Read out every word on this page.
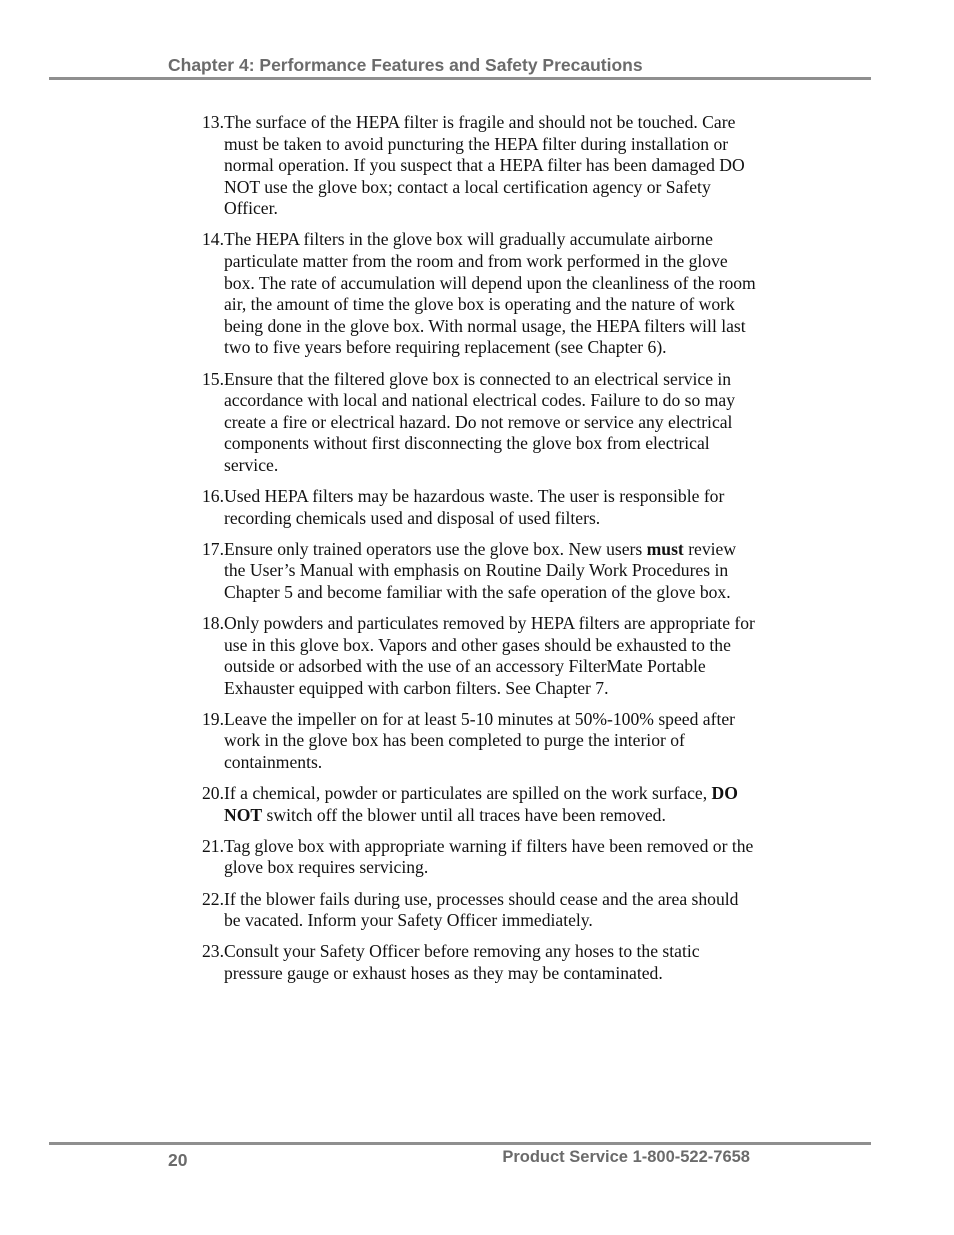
Chapter 4: Performance Features and Safety Precautions
13. The surface of the HEPA filter is fragile and should not be touched. Care must be taken to avoid puncturing the HEPA filter during installation or normal operation. If you suspect that a HEPA filter has been damaged DO NOT use the glove box; contact a local certification agency or Safety Officer.
14. The HEPA filters in the glove box will gradually accumulate airborne particulate matter from the room and from work performed in the glove box. The rate of accumulation will depend upon the cleanliness of the room air, the amount of time the glove box is operating and the nature of work being done in the glove box. With normal usage, the HEPA filters will last two to five years before requiring replacement (see Chapter 6).
15. Ensure that the filtered glove box is connected to an electrical service in accordance with local and national electrical codes. Failure to do so may create a fire or electrical hazard. Do not remove or service any electrical components without first disconnecting the glove box from electrical service.
16. Used HEPA filters may be hazardous waste. The user is responsible for recording chemicals used and disposal of used filters.
17. Ensure only trained operators use the glove box. New users must review the User’s Manual with emphasis on Routine Daily Work Procedures in Chapter 5 and become familiar with the safe operation of the glove box.
18. Only powders and particulates removed by HEPA filters are appropriate for use in this glove box. Vapors and other gases should be exhausted to the outside or adsorbed with the use of an accessory FilterMate Portable Exhauster equipped with carbon filters. See Chapter 7.
19. Leave the impeller on for at least 5-10 minutes at 50%-100% speed after work in the glove box has been completed to purge the interior of containments.
20. If a chemical, powder or particulates are spilled on the work surface, DO NOT switch off the blower until all traces have been removed.
21. Tag glove box with appropriate warning if filters have been removed or the glove box requires servicing.
22. If the blower fails during use, processes should cease and the area should be vacated. Inform your Safety Officer immediately.
23. Consult your Safety Officer before removing any hoses to the static pressure gauge or exhaust hoses as they may be contaminated.
20	Product Service 1-800-522-7658
